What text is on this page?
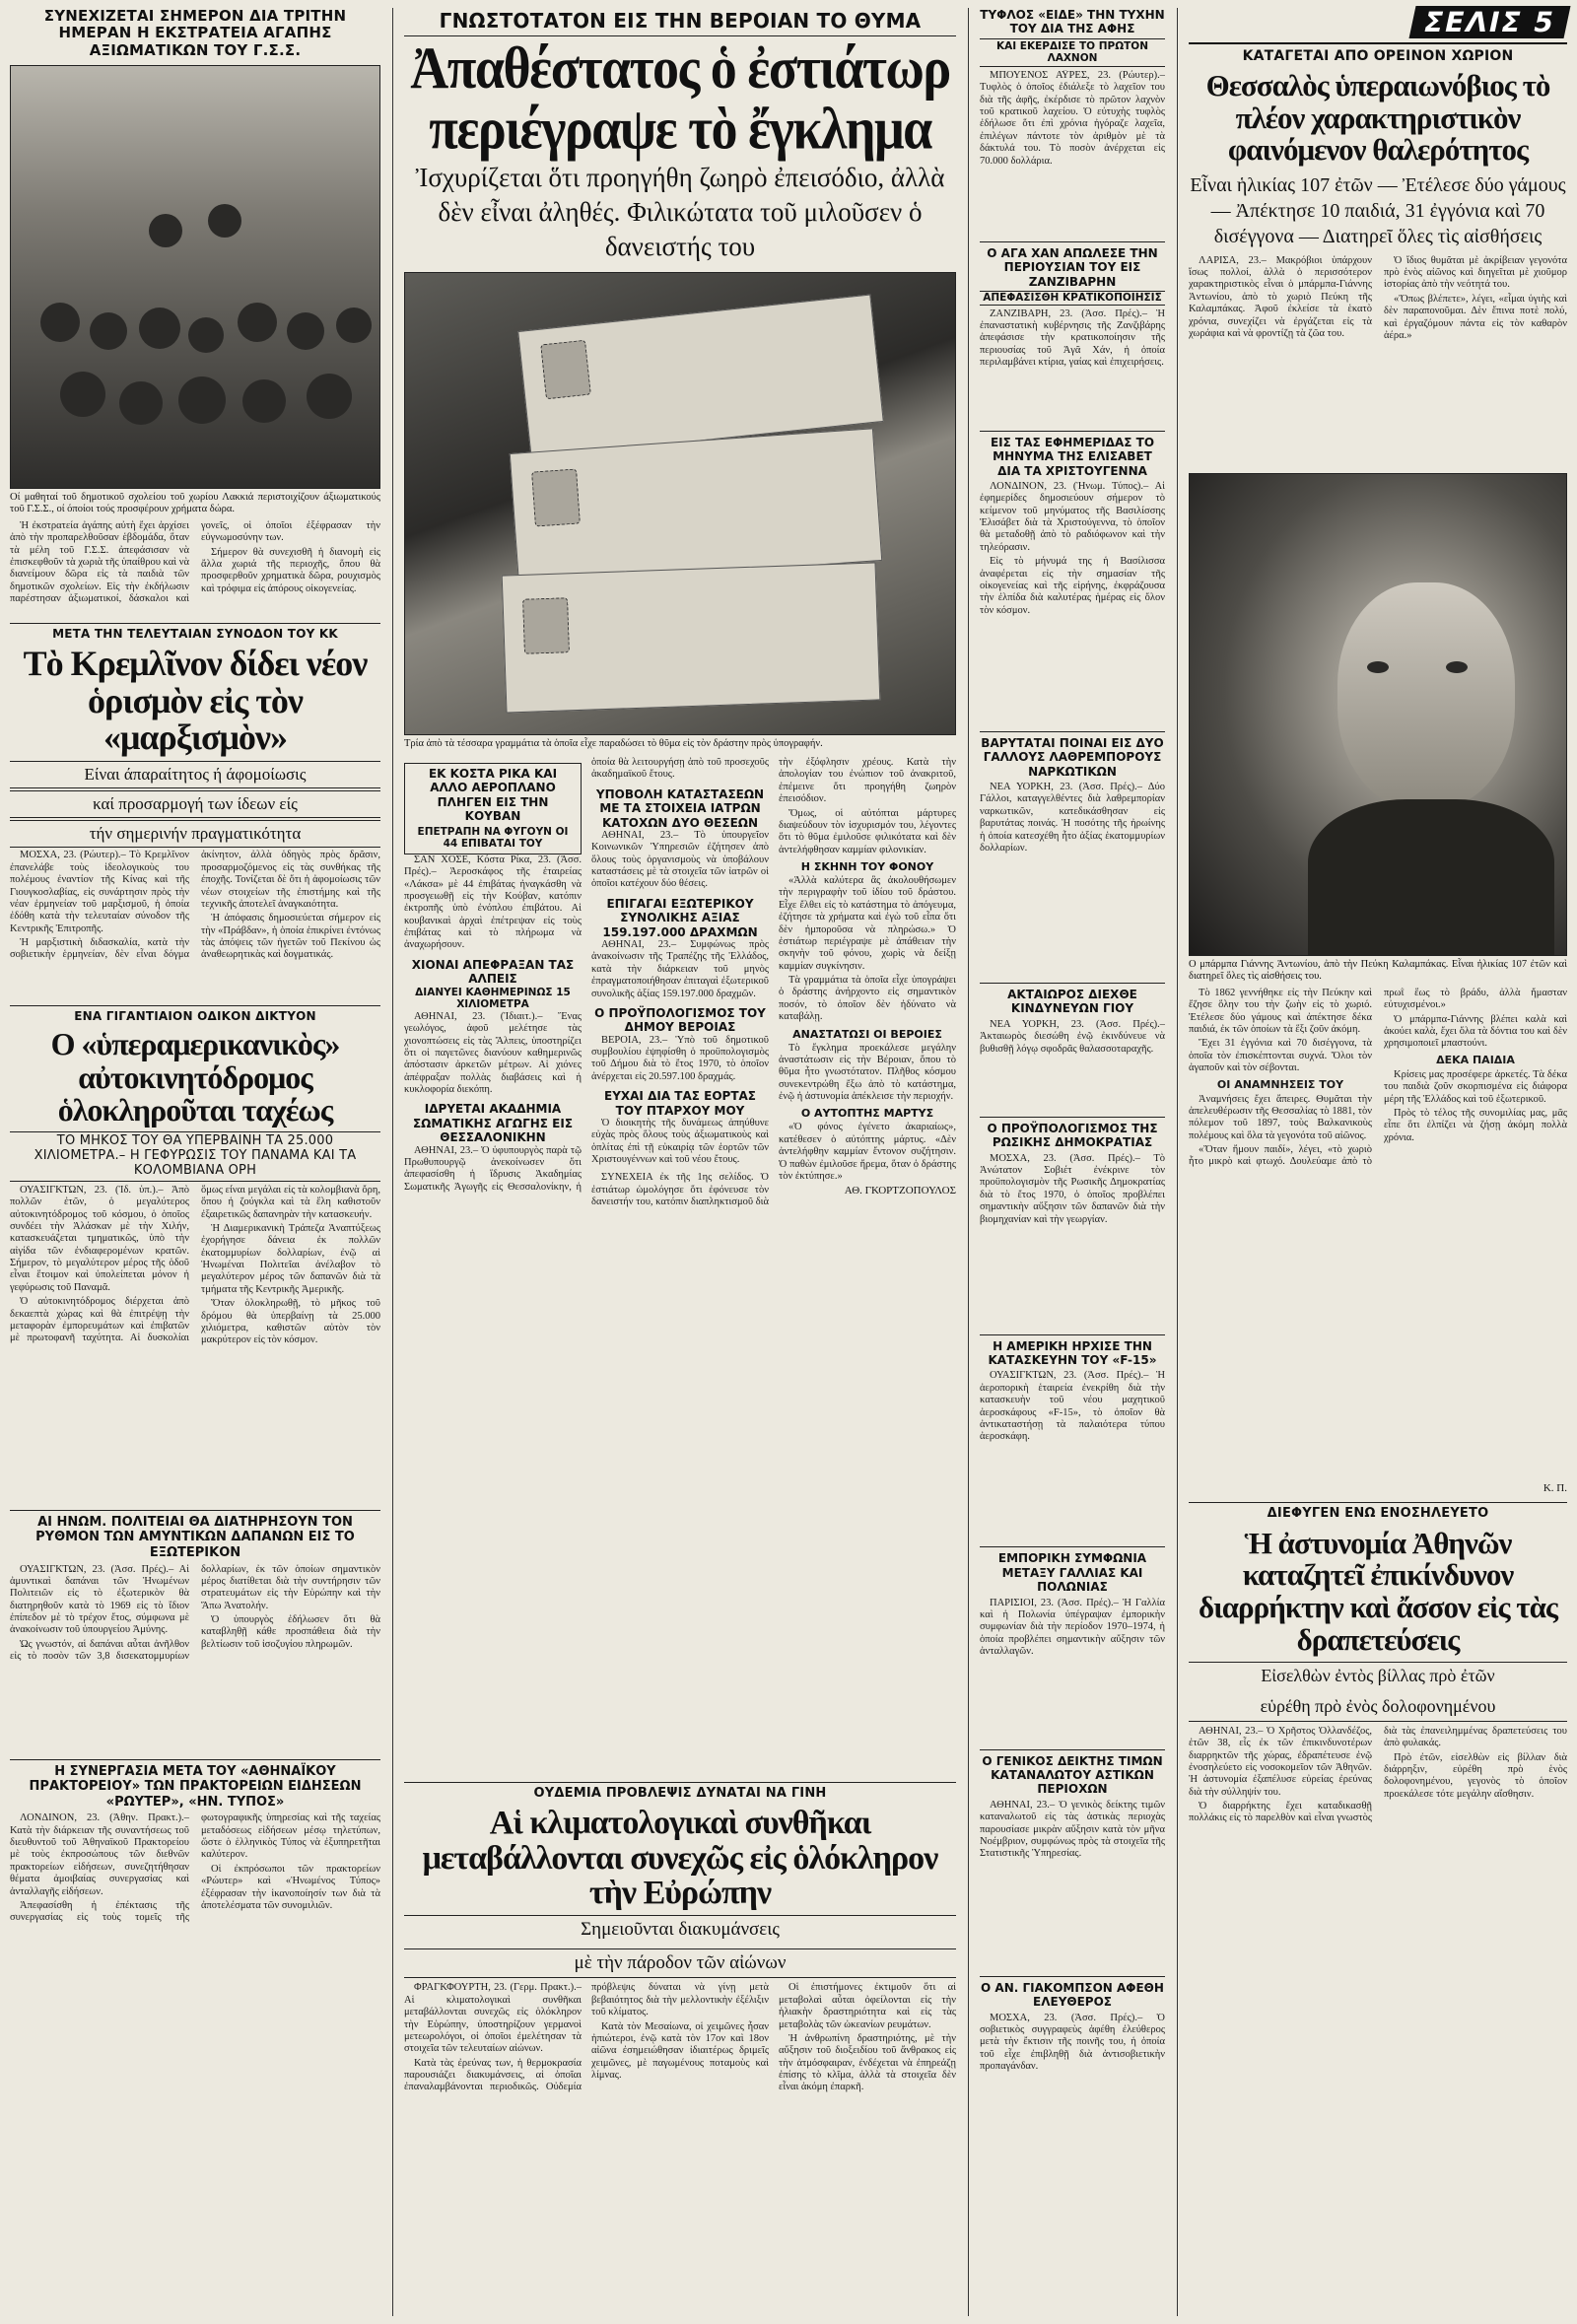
ΣΥΝΕΧΙΖΕΤΑΙ ΣΗΜΕΡΟΝ ΔΙΑ ΤΡΙΤΗΝ ΗΜΕΡΑΝ Η ΕΚΣΤΡΑΤΕΙΑ ΑΓΑΠΗΣ ΑΞΙΩΜΑΤΙΚΩΝ ΤΟΥ Γ.Σ.Σ.
Οί μαθηταί τοῦ δημοτικοῦ σχολείου τοῦ χωρίου Λακκιά περιστοιχίζουν άξιωματικούς τοῦ Γ.Σ.Σ., οί όποίοι τούς προσφέρουν χρήματα δώρα.

Ἡ ἐκστρατεία ἀγάπης αὐτὴ ἔχει ἀρχίσει ἀπὸ τὴν προπαρελθοῦσαν ἑβδομάδα, ὅταν τὰ μέλη τοῦ Γ.Σ.Σ. ἀπεφάσισαν νὰ ἐπισκεφθοῦν τὰ χωριὰ τῆς ὑπαίθρου καὶ νὰ διανείμουν δῶρα εἰς τὰ παιδιὰ τῶν δημοτικῶν σχολείων. Εἰς τὴν ἐκδήλωσιν παρέστησαν ἀξιωματικοί, δάσκαλοι καὶ γονεῖς, οἱ ὁποῖοι ἐξέφρασαν τὴν εὐγνωμοσύνην των.

Σήμερον θὰ συνεχισθῆ ἡ διανομὴ εἰς ἄλλα χωριά τῆς περιοχῆς, ὅπου θὰ προσφερθοῦν χρηματικὰ δῶρα, ρουχισμὸς καὶ τρόφιμα εἰς ἀπόρους οἰκογενείας.

ΜΕΤΑ ΤΗΝ ΤΕΛΕΥΤΑΙΑΝ ΣΥΝΟΔΟΝ ΤΟΥ ΚΚ
Τὸ Κρεμλῖνον δίδει νέον ὁρισμὸν εἰς τὸν «μαρξισμὸν»
Είναι άπαραίτητος ή άφομοίωσις
καί προσαρμογή των ίδεων είς
τήν σημερινήν πραγματικότητα

ΜΟΣΧΑ, 23. (Ρώυτερ).– Τὸ Κρεμλῖνον ἐπανελάβε τοὺς ἰδεολογικοὺς του πολέμους ἐναντίον τῆς Κίνας καὶ τῆς Γιουγκοσλαβίας, εἰς συνάρτησιν πρὸς τὴν νέαν ἑρμηνείαν τοῦ μαρξισμοῦ, ἡ ὁποία ἐδόθη κατὰ τὴν τελευταίαν σύνοδον τῆς Κεντρικῆς Ἐπιτροπῆς.

Ἡ μαρξιστικὴ διδασκαλία, κατὰ τὴν σοβιετικὴν ἑρμηνείαν, δὲν εἶναι δόγμα ἀκίνητον, ἀλλὰ ὁδηγὸς πρὸς δρᾶσιν, προσαρμοζόμενος εἰς τὰς συνθήκας τῆς ἐποχῆς. Τονίζεται δὲ ὅτι ἡ ἀφομοίωσις τῶν νέων στοιχείων τῆς ἐπιστήμης καὶ τῆς τεχνικῆς ἀποτελεῖ ἀναγκαιότητα.

Ἡ ἀπόφασις δημοσιεύεται σήμερον εἰς τὴν «Πράβδαν», ἡ ὁποία ἐπικρίνει ἐντόνως τὰς ἀπόψεις τῶν ἡγετῶν τοῦ Πεκίνου ὡς ἀναθεωρητικὰς καὶ δογματικάς.

ΕΝΑ ΓΙΓΑΝΤΙΑΙΟΝ ΟΔΙΚΟΝ ΔΙΚΤΥΟΝ
Ο «ὑπεραμερικανικὸς» αὐτοκινητόδρομος ὁλοκληροῦται ταχέως
ΤΟ ΜΗΚΟΣ ΤΟΥ ΘΑ ΥΠΕΡΒΑΙΝΗ ΤΑ 25.000 ΧΙΛΙΟΜΕΤΡΑ.– Η ΓΕΦΥΡΩΣΙΣ ΤΟΥ ΠΑΝΑΜΑ ΚΑΙ ΤΑ ΚΟΛΟΜΒΙΑΝΑ ΟΡΗ

ΟΥΑΣΙΓΚΤΩΝ, 23. (Ἰδ. ὑπ.).– Ἀπὸ πολλῶν ἐτῶν, ὁ μεγαλύτερος αὐτοκινητόδρομος τοῦ κόσμου, ὁ ὁποῖος συνδέει τὴν Ἀλάσκαν μὲ τὴν Χιλήν, κατασκευάζεται τμηματικῶς, ὑπὸ τὴν αἰγίδα τῶν ἐνδιαφερομένων κρατῶν. Σήμερον, τὸ μεγαλύτερον μέρος τῆς ὁδοῦ εἶναι ἕτοιμον καὶ ὑπολείπεται μόνον ἡ γεφύρωσις τοῦ Παναμᾶ.

Ὁ αὐτοκινητόδρομος διέρχεται ἀπὸ δεκαεπτὰ χώρας καὶ θὰ ἐπιτρέψῃ τὴν μεταφορὰν ἐμπορευμάτων καὶ ἐπιβατῶν μὲ πρωτοφανῆ ταχύτητα. Αἱ δυσκολίαι ὅμως εἶναι μεγάλαι εἰς τὰ κολομβιανὰ ὄρη, ὅπου ἡ ζούγκλα καὶ τὰ ἕλη καθιστοῦν ἐξαιρετικῶς δαπανηρὰν τὴν κατασκευήν.

Ἡ Διαμερικανικὴ Τράπεζα Ἀναπτύξεως ἐχορήγησε δάνεια ἐκ πολλῶν ἑκατομμυρίων δολλαρίων, ἐνῷ αἱ Ἡνωμέναι Πολιτεῖαι ἀνέλαβον τὸ μεγαλύτερον μέρος τῶν δαπανῶν διὰ τὰ τμήματα τῆς Κεντρικῆς Ἀμερικῆς.

Ὅταν ὁλοκληρωθῇ, τὸ μῆκος τοῦ δρόμου θὰ ὑπερβαίνῃ τὰ 25.000 χιλιόμετρα, καθιστῶν αὐτὸν τὸν μακρύτερον εἰς τὸν κόσμον.

ΑΙ ΗΝΩΜ. ΠΟΛΙΤΕΙΑΙ ΘΑ ΔΙΑΤΗΡΗΣΟΥΝ ΤΟΝ ΡΥΘΜΟΝ ΤΩΝ ΑΜΥΝΤΙΚΩΝ ΔΑΠΑΝΩΝ ΕΙΣ ΤΟ ΕΞΩΤΕΡΙΚΟΝ

ΟΥΑΣΙΓΚΤΩΝ, 23. (Ἀσσ. Πρές).– Αἱ ἀμυντικαὶ δαπάναι τῶν Ἡνωμένων Πολιτειῶν εἰς τὸ ἐξωτερικὸν θὰ διατηρηθοῦν κατὰ τὸ 1969 εἰς τὸ ἴδιον ἐπίπεδον μὲ τὸ τρέχον ἔτος, σύμφωνα μὲ ἀνακοίνωσιν τοῦ ὑπουργείου Ἀμύνης.

Ὡς γνωστόν, αἱ δαπάναι αὗται ἀνῆλθον εἰς τὸ ποσὸν τῶν 3,8 δισεκατομμυρίων δολλαρίων, ἐκ τῶν ὁποίων σημαντικὸν μέρος διατίθεται διὰ τὴν συντήρησιν τῶν στρατευμάτων εἰς τὴν Εὐρώπην καὶ τὴν Ἄπω Ἀνατολήν.

Ὁ ὑπουργὸς ἐδήλωσεν ὅτι θὰ καταβληθῇ κάθε προσπάθεια διὰ τὴν βελτίωσιν τοῦ ἰσοζυγίου πληρωμῶν.

Η ΣΥΝΕΡΓΑΣΙΑ ΜΕΤΑ ΤΟΥ «ΑΘΗΝΑΪΚΟΥ ΠΡΑΚΤΟΡΕΙΟΥ» ΤΩΝ ΠΡΑΚΤΟΡΕΙΩΝ ΕΙΔΗΣΕΩΝ «ΡΩΥΤΕΡ», «ΗΝ. ΤΥΠΟΣ»

ΛΟΝΔΙΝΟΝ, 23. (Ἀθην. Πρακτ.).– Κατὰ τὴν διάρκειαν τῆς συναντήσεως τοῦ διευθυντοῦ τοῦ Ἀθηναϊκοῦ Πρακτορείου μὲ τοὺς ἐκπροσώπους τῶν διεθνῶν πρακτορείων εἰδήσεων, συνεζητήθησαν θέματα ἀμοιβαίας συνεργασίας καὶ ἀνταλλαγῆς εἰδήσεων.

Ἀπεφασίσθη ἡ ἐπέκτασις τῆς συνεργασίας εἰς τοὺς τομεῖς τῆς φωτογραφικῆς ὑπηρεσίας καὶ τῆς ταχείας μεταδόσεως εἰδήσεων μέσῳ τηλετύπων, ὥστε ὁ ἑλληνικὸς Τύπος νὰ ἐξυπηρετῆται καλύτερον.

Οἱ ἐκπρόσωποι τῶν πρακτορείων «Ρώυτερ» καὶ «Ἡνωμένος Τύπος» ἐξέφρασαν τὴν ἱκανοποίησίν των διὰ τὰ ἀποτελέσματα τῶν συνομιλιῶν.

ΓΝΩΣΤΟΤΑΤΟΝ ΕΙΣ ΤΗΝ ΒΕΡΟΙΑΝ ΤΟ ΘΥΜΑ
Ἀπαθέστατος ὁ ἐστιάτωρ περιέγραψε τὸ ἔγκλημα
Ἰσχυρίζεται ὅτι προηγήθη ζωηρὸ ἐπεισόδιο, ἀλλὰ δὲν εἶναι ἀληθές. Φιλικώτατα τοῦ μιλοῦσεν ὁ δανειστής του
Τρία ἀπὸ τὰ τέσσαρα γραμμάτια τὰ ὁποῖα εἶχε παραδώσει τὸ θῦμα εἰς τὸν δράστην πρὸς ὑπογραφήν.
ΕΚ ΚΟΣΤΑ ΡΙΚΑ ΚΑΙ ΑΛΛΟ ΑΕΡΟΠΛΑΝΟ ΠΛΗΓΕΝ ΕΙΣ ΤΗΝ ΚΟΥΒΑΝ
ΕΠΕΤΡΑΠΗ ΝΑ ΦΥΓΟΥΝ ΟΙ 44 ΕΠΙΒΑΤΑΙ ΤΟΥ

ΣΑΝ ΧΟΣΕ, Κόστα Ρίκα, 23. (Ἀσσ. Πρές).– Ἀεροσκάφος τῆς ἑταιρείας «Λάκσα» μὲ 44 ἐπιβάτας ἠναγκάσθη νὰ προσγειωθῇ εἰς τὴν Κούβαν, κατόπιν ἐκτροπῆς ὑπὸ ἐνόπλου ἐπιβάτου. Αἱ κουβανικαὶ ἀρχαὶ ἐπέτρεψαν εἰς τοὺς ἐπιβάτας καὶ τὸ πλήρωμα νὰ ἀναχωρήσουν.

ΧΙΟΝΑΙ ΑΠΕΦΡΑΞΑΝ ΤΑΣ ΑΛΠΕΙΣ
ΔΙΑΝΥΕΙ ΚΑΘΗΜΕΡΙΝΩΣ 15 ΧΙΛΙΟΜΕΤΡΑ

ΑΘΗΝΑΙ, 23. (Ἰδιαιτ.).– Ἕνας γεωλόγος, ἀφοῦ μελέτησε τὰς χιονοπτώσεις εἰς τὰς Ἄλπεις, ὑποστηρίζει ὅτι οἱ παγετῶνες διανύουν καθημερινῶς ἀπόστασιν ἀρκετῶν μέτρων. Αἱ χιόνες ἀπέφραξαν πολλὰς διαβάσεις καὶ ἡ κυκλοφορία διεκόπη.

ΙΔΡΥΕΤΑΙ ΑΚΑΔΗΜΙΑ ΣΩΜΑΤΙΚΗΣ ΑΓΩΓΗΣ ΕΙΣ ΘΕΣΣΑΛΟΝΙΚΗΝ

ΑΘΗΝΑΙ, 23.– Ὁ ὑφυπουργὸς παρὰ τῷ Πρωθυπουργῷ ἀνεκοίνωσεν ὅτι ἀπεφασίσθη ἡ ἵδρυσις Ἀκαδημίας Σωματικῆς Ἀγωγῆς εἰς Θεσσαλονίκην, ἡ ὁποία θὰ λειτουργήσῃ ἀπὸ τοῦ προσεχοῦς ἀκαδημαϊκοῦ ἔτους.

ΥΠΟΒΟΛΗ ΚΑΤΑΣΤΑΣΕΩΝ ΜΕ ΤΑ ΣΤΟΙΧΕΙΑ ΙΑΤΡΩΝ ΚΑΤΟΧΩΝ ΔΥΟ ΘΕΣΕΩΝ

ΑΘΗΝΑΙ, 23.– Τὸ ὑπουργεῖον Κοινωνικῶν Ὑπηρεσιῶν ἐζήτησεν ἀπὸ ὅλους τοὺς ὀργανισμοὺς νὰ ὑποβάλουν καταστάσεις μὲ τὰ στοιχεῖα τῶν ἰατρῶν οἱ ὁποῖοι κατέχουν δύο θέσεις.

ΕΠΙΓΑΓΑΙ ΕΞΩΤΕΡΙΚΟΥ ΣΥΝΟΛΙΚΗΣ ΑΞΙΑΣ 159.197.000 ΔΡΑΧΜΩΝ

ΑΘΗΝΑΙ, 23.– Συμφώνως πρὸς ἀνακοίνωσιν τῆς Τραπέζης τῆς Ἑλλάδος, κατὰ τὴν διάρκειαν τοῦ μηνὸς ἐπραγματοποιήθησαν ἐπιταγαὶ ἐξωτερικοῦ συνολικῆς ἀξίας 159.197.000 δραχμῶν.

Ο ΠΡΟΫΠΟΛΟΓΙΣΜΟΣ ΤΟΥ ΔΗΜΟΥ ΒΕΡΟΙΑΣ

ΒΕΡΟΙΑ, 23.– Ὑπὸ τοῦ δημοτικοῦ συμβουλίου ἐψηφίσθη ὁ προϋπολογισμὸς τοῦ Δήμου διὰ τὸ ἔτος 1970, τὸ ὁποῖον ἀνέρχεται εἰς 20.597.100 δραχμάς.

ΕΥΧΑΙ ΔΙΑ ΤΑΣ ΕΟΡΤΑΣ ΤΟΥ ΠΤΑΡΧΟΥ ΜΟΥ

Ὁ διοικητὴς τῆς δυνάμεως ἀπηύθυνε εὐχὰς πρὸς ὅλους τοὺς ἀξιωματικοὺς καὶ ὁπλίτας ἐπὶ τῇ εὐκαιρίᾳ τῶν ἑορτῶν τῶν Χριστουγέννων καὶ τοῦ νέου ἔτους.

ΣΥΝΕΧΕΙΑ ἐκ τῆς 1ης σελίδος. Ὁ ἐστιάτωρ ὡμολόγησε ὅτι ἐφόνευσε τὸν δανειστήν του, κατόπιν διαπληκτισμοῦ διὰ τὴν ἐξόφλησιν χρέους. Κατὰ τὴν ἀπολογίαν του ἐνώπιον τοῦ ἀνακριτοῦ, ἐπέμεινε ὅτι προηγήθη ζωηρὸν ἐπεισόδιον.

Ὅμως, οἱ αὐτόπται μάρτυρες διαψεύδουν τὸν ἰσχυρισμόν του, λέγοντες ὅτι τὸ θῦμα ἐμιλοῦσε φιλικότατα καὶ δὲν ἀντελήφθησαν καμμίαν φιλονικίαν.

Η ΣΚΗΝΗ ΤΟΥ ΦΟΝΟΥ

«Ἀλλὰ καλύτερα ἂς ἀκολουθήσωμεν τὴν περιγραφὴν τοῦ ἰδίου τοῦ δράστου. Εἶχε ἔλθει εἰς τὸ κατάστημα τὸ ἀπόγευμα, ἐζήτησε τὰ χρήματα καὶ ἐγὼ τοῦ εἶπα ὅτι δὲν ἠμποροῦσα νὰ πληρώσω.» Ὁ ἐστιάτωρ περιέγραψε μὲ ἀπάθειαν τὴν σκηνὴν τοῦ φόνου, χωρὶς νὰ δείξῃ καμμίαν συγκίνησιν.

Τὰ γραμμάτια τὰ ὁποῖα εἶχε ὑπογράψει ὁ δράστης ἀνήρχοντο εἰς σημαντικὸν ποσόν, τὸ ὁποῖον δὲν ἠδύνατο νὰ καταβάλῃ.

ΑΝΑΣΤΑΤΩΣΙ ΟΙ ΒΕΡΟΙΕΣ

Τὸ ἔγκλημα προεκάλεσε μεγάλην ἀναστάτωσιν εἰς τὴν Βέροιαν, ὅπου τὸ θῦμα ἦτο γνωστότατον. Πλῆθος κόσμου συνεκεντρώθη ἔξω ἀπὸ τὸ κατάστημα, ἐνῷ ἡ ἀστυνομία ἀπέκλεισε τὴν περιοχήν.

Ο ΑΥΤΟΠΤΗΣ ΜΑΡΤΥΣ

«Ὁ φόνος ἐγένετο ἀκαριαίως», κατέθεσεν ὁ αὐτόπτης μάρτυς. «Δὲν ἀντελήφθην καμμίαν ἔντονον συζήτησιν. Ὁ παθὼν ἐμιλοῦσε ἤρεμα, ὅταν ὁ δράστης τὸν ἐκτύπησε.»

ΑΘ. ΓΚΟΡΤΖΟΠΟΥΛΟΣ
ΟΥΔΕΜΙΑ ΠΡΟΒΛΕΨΙΣ ΔΥΝΑΤΑΙ ΝΑ ΓΙΝΗ
Αἱ κλιματολογικαὶ συνθῆκαι μεταβάλλονται συνεχῶς εἰς ὁλόκληρον τὴν Εὐρώπην
Σημειοῦνται διακυμάνσεις
μὲ τὴν πάροδον τῶν αἰώνων

ΦΡΑΓΚΦΟΥΡΤΗ, 23. (Γερμ. Πρακτ.).– Αἱ κλιματολογικαὶ συνθῆκαι μεταβάλλονται συνεχῶς εἰς ὁλόκληρον τὴν Εὐρώπην, ὑποστηρίζουν γερμανοὶ μετεωρολόγοι, οἱ ὁποῖοι ἐμελέτησαν τὰ στοιχεῖα τῶν τελευταίων αἰώνων.

Κατὰ τὰς ἐρεύνας των, ἡ θερμοκρασία παρουσιάζει διακυμάνσεις, αἱ ὁποῖαι ἐπαναλαμβάνονται περιοδικῶς. Οὐδεμία πρόβλεψις δύναται νὰ γίνῃ μετὰ βεβαιότητος διὰ τὴν μελλοντικὴν ἐξέλιξιν τοῦ κλίματος.

Κατὰ τὸν Μεσαίωνα, οἱ χειμῶνες ἦσαν ἠπιώτεροι, ἐνῷ κατὰ τὸν 17ον καὶ 18ον αἰῶνα ἐσημειώθησαν ἰδιαιτέρως δριμεῖς χειμῶνες, μὲ παγωμένους ποταμοὺς καὶ λίμνας.

Οἱ ἐπιστήμονες ἐκτιμοῦν ὅτι αἱ μεταβολαὶ αὗται ὀφείλονται εἰς τὴν ἡλιακὴν δραστηριότητα καὶ εἰς τὰς μεταβολὰς τῶν ὠκεανίων ρευμάτων.

Ἡ ἀνθρωπίνη δραστηριότης, μὲ τὴν αὔξησιν τοῦ διοξειδίου τοῦ ἄνθρακος εἰς τὴν ἀτμόσφαιραν, ἐνδέχεται νὰ ἐπηρεάζῃ ἐπίσης τὸ κλῖμα, ἀλλὰ τὰ στοιχεῖα δὲν εἶναι ἀκόμη ἐπαρκῆ.

ΤΥΦΛΟΣ «ΕΙΔΕ» ΤΗΝ ΤΥΧΗΝ ΤΟΥ ΔΙΑ ΤΗΣ ΑΦΗΣ
ΚΑΙ ΕΚΕΡΔΙΣΕ ΤΟ ΠΡΩΤΟΝ ΛΑΧΝΟΝ

ΜΠΟΥΕΝΟΣ ΑΫΡΕΣ, 23. (Ρώυτερ).– Τυφλὸς ὁ ὁποῖος ἐδιάλεξε τὸ λαχεῖον του διὰ τῆς ἀφῆς, ἐκέρδισε τὸ πρῶτον λαχνὸν τοῦ κρατικοῦ λαχείου. Ὁ εὐτυχὴς τυφλὸς ἐδήλωσε ὅτι ἐπὶ χρόνια ἠγόραζε λαχεῖα, ἐπιλέγων πάντοτε τὸν ἀριθμὸν μὲ τὰ δάκτυλά του. Τὸ ποσὸν ἀνέρχεται εἰς 70.000 δολλάρια.

Ο ΑΓΑ ΧΑΝ ΑΠΩΛΕΣΕ ΤΗΝ ΠΕΡΙΟΥΣΙΑΝ ΤΟΥ ΕΙΣ ΖΑΝΖΙΒΑΡΗΝ
ΑΠΕΦΑΣΙΣΘΗ ΚΡΑΤΙΚΟΠΟΙΗΣΙΣ

ΖΑΝΖΙΒΑΡΗ, 23. (Ἀσσ. Πρές).– Ἡ ἐπαναστατικὴ κυβέρνησις τῆς Ζανζιβάρης ἀπεφάσισε τὴν κρατικοποίησιν τῆς περιουσίας τοῦ Ἀγᾶ Χάν, ἡ ὁποία περιλαμβάνει κτίρια, γαίας καὶ ἐπιχειρήσεις.

ΕΙΣ ΤΑΣ ΕΦΗΜΕΡΙΔΑΣ ΤΟ ΜΗΝΥΜΑ ΤΗΣ ΕΛΙΣΑΒΕΤ ΔΙΑ ΤΑ ΧΡΙΣΤΟΥΓΕΝΝΑ

ΛΟΝΔΙΝΟΝ, 23. (Ἡνωμ. Τύπος).– Αἱ ἐφημερίδες δημοσιεύουν σήμερον τὸ κείμενον τοῦ μηνύματος τῆς Βασιλίσσης Ἐλισάβετ διὰ τὰ Χριστούγεννα, τὸ ὁποῖον θὰ μεταδοθῇ ἀπὸ τὸ ραδιόφωνον καὶ τὴν τηλεόρασιν.

Εἰς τὸ μήνυμά της ἡ Βασίλισσα ἀναφέρεται εἰς τὴν σημασίαν τῆς οἰκογενείας καὶ τῆς εἰρήνης, ἐκφράζουσα τὴν ἐλπίδα διὰ καλυτέρας ἡμέρας εἰς ὅλον τὸν κόσμον.

ΒΑΡΥΤΑΤΑΙ ΠΟΙΝΑΙ ΕΙΣ ΔΥΟ ΓΑΛΛΟΥΣ ΛΑΘΡΕΜΠΟΡΟΥΣ ΝΑΡΚΩΤΙΚΩΝ

ΝΕΑ ΥΟΡΚΗ, 23. (Ἀσσ. Πρές).– Δύο Γάλλοι, καταγγελθέντες διὰ λαθρεμπορίαν ναρκωτικῶν, κατεδικάσθησαν εἰς βαρυτάτας ποινάς. Ἡ ποσότης τῆς ἠρωίνης ἡ ὁποία κατεσχέθη ἦτο ἀξίας ἑκατομμυρίων δολλαρίων.

ΑΚΤΑΙΩΡΟΣ ΔΙΕΧΘΕ ΚΙΝΔΥΝΕΥΩΝ ΓΙΟΥ

ΝΕΑ ΥΟΡΚΗ, 23. (Ἀσσ. Πρές).– Ἀκταιωρὸς διεσώθη ἐνῷ ἐκινδύνευε νὰ βυθισθῇ λόγῳ σφοδρᾶς θαλασσοταραχῆς.

Ο ΠΡΟΫΠΟΛΟΓΙΣΜΟΣ ΤΗΣ ΡΩΣΙΚΗΣ ΔΗΜΟΚΡΑΤΙΑΣ

ΜΟΣΧΑ, 23. (Ἀσσ. Πρές).– Τὸ Ἀνώτατον Σοβιέτ ἐνέκρινε τὸν προϋπολογισμὸν τῆς Ρωσικῆς Δημοκρατίας διὰ τὸ ἔτος 1970, ὁ ὁποῖος προβλέπει σημαντικὴν αὔξησιν τῶν δαπανῶν διὰ τὴν βιομηχανίαν καὶ τὴν γεωργίαν.

Η ΑΜΕΡΙΚΗ ΗΡΧΙΣΕ ΤΗΝ ΚΑΤΑΣΚΕΥΗΝ ΤΟΥ «F-15»

ΟΥΑΣΙΓΚΤΩΝ, 23. (Ἀσσ. Πρές).– Ἡ ἀεροπορικὴ ἑταιρεία ἐνεκρίθη διὰ τὴν κατασκευὴν τοῦ νέου μαχητικοῦ ἀεροσκάφους «F-15», τὸ ὁποῖον θὰ ἀντικαταστήσῃ τὰ παλαιότερα τύπου ἀεροσκάφη.

ΕΜΠΟΡΙΚΗ ΣΥΜΦΩΝΙΑ ΜΕΤΑΞΥ ΓΑΛΛΙΑΣ ΚΑΙ ΠΟΛΩΝΙΑΣ

ΠΑΡΙΣΙΟΙ, 23. (Ἀσσ. Πρές).– Ἡ Γαλλία καὶ ἡ Πολωνία ὑπέγραψαν ἐμπορικὴν συμφωνίαν διὰ τὴν περίοδον 1970–1974, ἡ ὁποία προβλέπει σημαντικὴν αὔξησιν τῶν ἀνταλλαγῶν.

Ο ΓΕΝΙΚΟΣ ΔΕΙΚΤΗΣ ΤΙΜΩΝ ΚΑΤΑΝΑΛΩΤΟΥ ΑΣΤΙΚΩΝ ΠΕΡΙΟΧΩΝ

ΑΘΗΝΑΙ, 23.– Ὁ γενικὸς δείκτης τιμῶν καταναλωτοῦ εἰς τὰς ἀστικὰς περιοχὰς παρουσίασε μικρὰν αὔξησιν κατὰ τὸν μῆνα Νοέμβριον, συμφώνως πρὸς τὰ στοιχεῖα τῆς Στατιστικῆς Ὑπηρεσίας.

Ο ΑΝ. ΓΙΑΚΟΜΠΣΟΝ ΑΦΕΘΗ ΕΛΕΥΘΕΡΟΣ

ΜΟΣΧΑ, 23. (Ἀσσ. Πρές).– Ὁ σοβιετικὸς συγγραφεὺς ἀφέθη ἐλεύθερος μετὰ τὴν ἔκτισιν τῆς ποινῆς του, ἡ ὁποία τοῦ εἶχε ἐπιβληθῇ διὰ ἀντισοβιετικὴν προπαγάνδαν.

ΣΕΛΙΣ 5
ΚΑΤΑΓΕΤΑΙ ΑΠΟ ΟΡΕΙΝΟΝ ΧΩΡΙΟΝ
Θεσσαλὸς ὑπεραιωνόβιος τὸ πλέον χαρακτηριστικὸν φαινόμενον θαλερότητος
Εἶναι ἡλικίας 107 ἐτῶν — Ἐτέλεσε δύο γάμους — Ἀπέκτησε 10 παιδιά, 31 ἐγγόνια καὶ 70 δισέγγονα — Διατηρεῖ ὅλες τὶς αἰσθήσεις

ΛΑΡΙΣΑ, 23.– Μακρόβιοι ὑπάρχουν ἴσως πολλοί, ἀλλὰ ὁ περισσότερον χαρακτηριστικὸς εἶναι ὁ μπάρμπα-Γιάννης Ἀντωνίου, ἀπὸ τὸ χωριὸ Πεύκη τῆς Καλαμπάκας. Ἀφοῦ ἐκλείσε τὰ ἑκατὸ χρόνια, συνεχίζει νὰ ἐργάζεται εἰς τὰ χωράφια καὶ νὰ φροντίζῃ τὰ ζῶα του.

Ὁ ἴδιος θυμᾶται μὲ ἀκρίβειαν γεγονότα πρὸ ἑνὸς αἰῶνος καὶ διηγεῖται μὲ χιοῦμορ ἱστορίας ἀπὸ τὴν νεότητά του.

«Ὅπως βλέπετε», λέγει, «εἶμαι ὑγιὴς καὶ δὲν παραπονοῦμαι. Δὲν ἔπινα ποτὲ πολύ, καὶ ἐργαζόμουν πάντα εἰς τὸν καθαρὸν ἀέρα.»

Ο μπάρμπα Γιάννης Ἀντωνίου, ἀπὸ τὴν Πεύκη Καλαμπάκας. Εἶναι ἡλικίας 107 ἐτῶν καὶ διατηρεῖ ὅλες τὶς αἰσθήσεις του.

Τὸ 1862 γεννήθηκε εἰς τὴν Πεύκην καὶ ἔζησε ὅλην του τὴν ζωὴν εἰς τὸ χωριό. Ἐτέλεσε δύο γάμους καὶ ἀπέκτησε δέκα παιδιά, ἐκ τῶν ὁποίων τὰ ἕξι ζοῦν ἀκόμη.

Ἔχει 31 ἐγγόνια καὶ 70 δισέγγονα, τὰ ὁποῖα τὸν ἐπισκέπτονται συχνά. Ὅλοι τὸν ἀγαποῦν καὶ τὸν σέβονται.

ΟΙ ΑΝΑΜΝΗΣΕΙΣ ΤΟΥ

Ἀναμνήσεις ἔχει ἄπειρες. Θυμᾶται τὴν ἀπελευθέρωσιν τῆς Θεσσαλίας τὸ 1881, τὸν πόλεμον τοῦ 1897, τοὺς Βαλκανικοὺς πολέμους καὶ ὅλα τὰ γεγονότα τοῦ αἰῶνος.

«Ὅταν ἤμουν παιδί», λέγει, «τὸ χωριὸ ἦτο μικρὸ καὶ φτωχό. Δουλεύαμε ἀπὸ τὸ πρωῒ ἕως τὸ βράδυ, ἀλλὰ ἤμασταν εὐτυχισμένοι.»

Ὁ μπάρμπα-Γιάννης βλέπει καλὰ καὶ ἀκούει καλὰ, ἔχει ὅλα τὰ δόντια του καὶ δὲν χρησιμοποιεῖ μπαστούνι.

ΔΕΚΑ ΠΑΙΔΙΑ

Κρίσεις μας προσέφερε ἀρκετές. Τὰ δέκα του παιδιὰ ζοῦν σκορπισμένα εἰς διάφορα μέρη τῆς Ἑλλάδος καὶ τοῦ ἐξωτερικοῦ.

Πρὸς τὸ τέλος τῆς συνομιλίας μας, μᾶς εἶπε ὅτι ἐλπίζει νὰ ζήσῃ ἀκόμη πολλὰ χρόνια.

Κ. Π.
ΔΙΕΦΥΓΕΝ ΕΝΩ ΕΝΟΣΗΛΕΥΕΤΟ
Ἡ ἀστυνομία Ἀθηνῶν καταζητεῖ ἐπικίνδυνον διαρρήκτην καὶ ἄσσον εἰς τὰς δραπετεύσεις
Εἰσελθὼν ἐντὸς βίλλας πρὸ ἐτῶν
εὑρέθη πρὸ ἐνὸς δολοφονημένου

ΑΘΗΝΑΙ, 23.– Ὁ Χρῆστος Ὀλλανδέζος, ἐτῶν 38, εἷς ἐκ τῶν ἐπικινδυνοτέρων διαρρηκτῶν τῆς χώρας, ἐδραπέτευσε ἐνῷ ἐνοσηλεύετο εἰς νοσοκομεῖον τῶν Ἀθηνῶν. Ἡ ἀστυνομία ἐξαπέλυσε εὐρείας ἐρεύνας διὰ τὴν σύλληψίν του.

Ὁ διαρρήκτης ἔχει καταδικασθῇ πολλάκις εἰς τὸ παρελθὸν καὶ εἶναι γνωστὸς διὰ τὰς ἐπανειλημμένας δραπετεύσεις του ἀπὸ φυλακάς.

Πρὸ ἐτῶν, εἰσελθὼν εἰς βίλλαν διὰ διάρρηξιν, εὑρέθη πρὸ ἑνὸς δολοφονημένου, γεγονὸς τὸ ὁποῖον προεκάλεσε τότε μεγάλην αἴσθησιν.
